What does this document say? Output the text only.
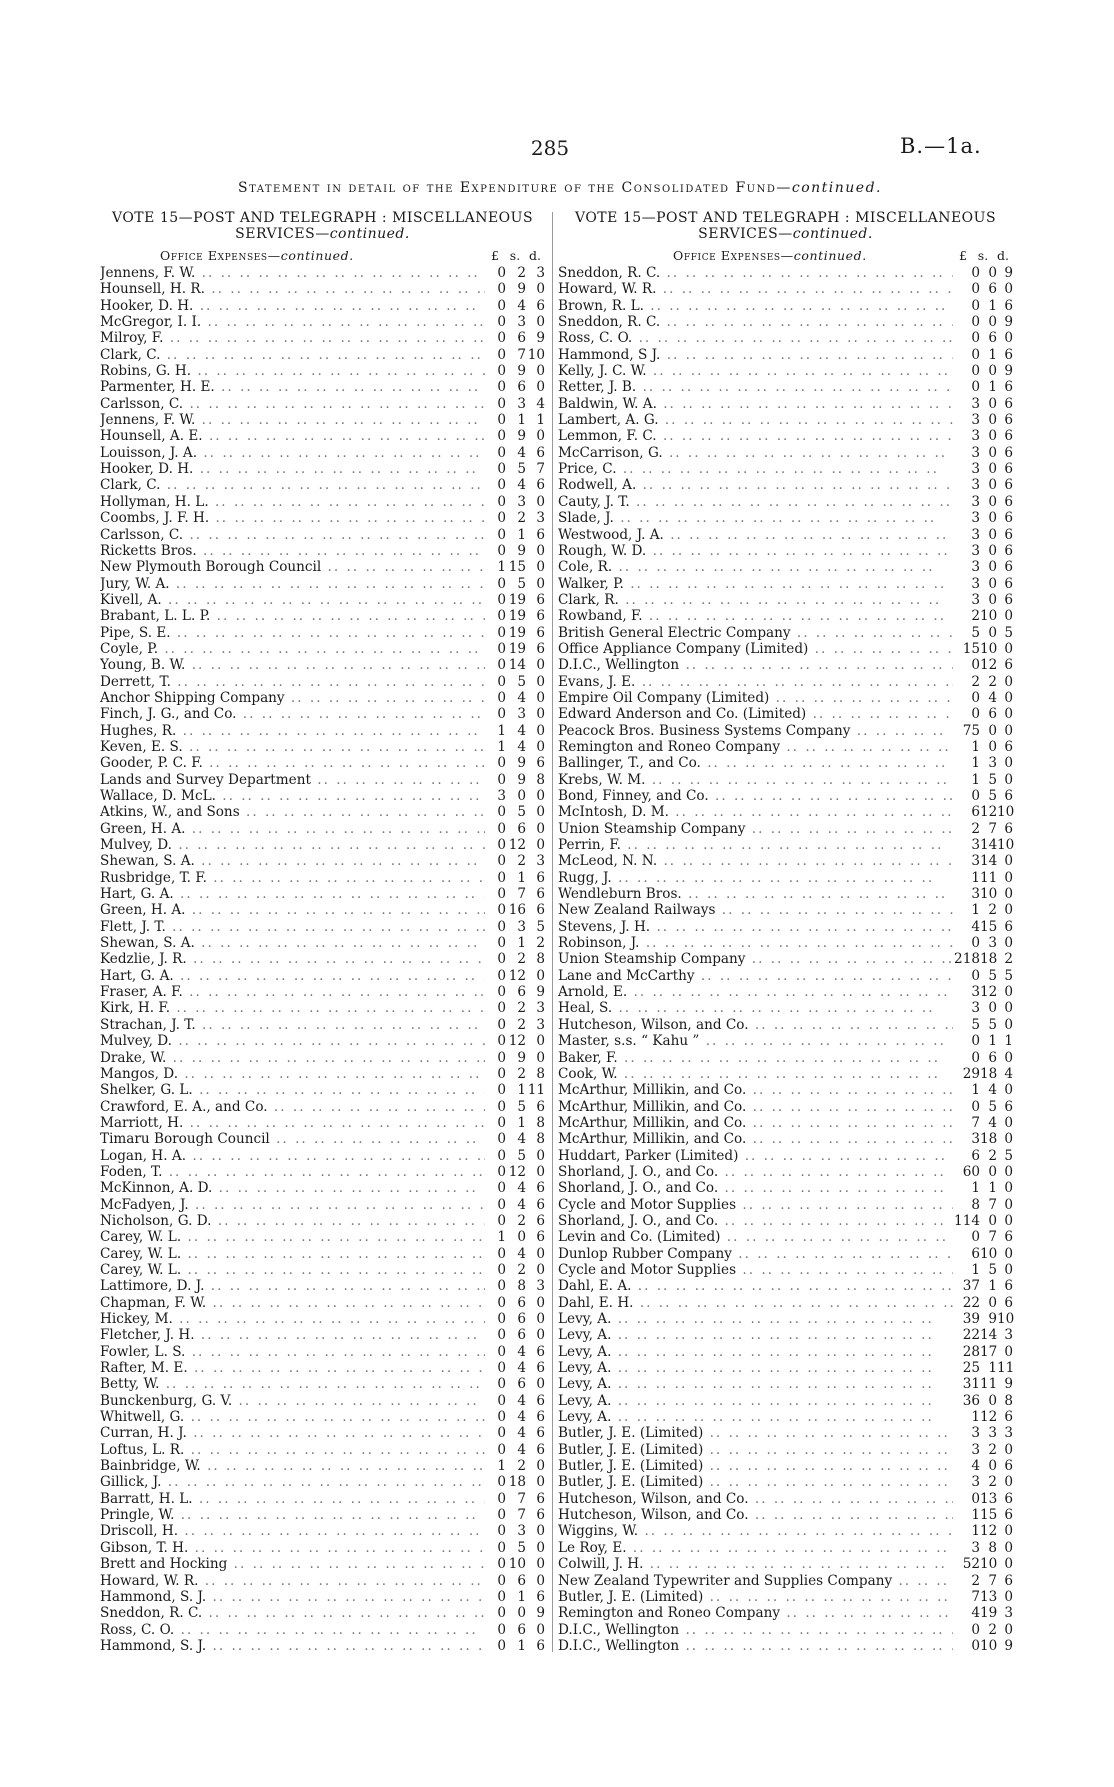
285	B.—1a.
Statement in detail of the Expenditure of the Consolidated Fund—continued.
VOTE 15—POST AND TELEGRAPH : MISCELLANEOUS
SERVICES—continued.
Office Expenses—continued.	£ s. d.
Jennens, F. W. .. .	0 2 3
Hounsell, H. R. .. .	0 9 0
Hooker, D. H. .. .	0 4 6
McGregor, I. I. .. .	0 3 0
Milroy, F. .. .	0 6 9
Clark, C. .. .	0 7 10
Robins, G. H. .. .	0 9 0
Parmenter, H. E. .. .	0 6 0
Carlsson, C. .. .	0 3 4
Jennens, F. W. .. .	0 1 1
Hounsell, A. E. .. .	0 9 0
Louisson, J. A. .. .	0 4 6
Hooker, D. H. .. .	0 5 7
Clark, C. .. .	0 4 6
Hollyman, H. L. .. .	0 3 0
Coombs, J. F. H. .. .	0 2 3
Carlsson, C. .. .	0 1 6
Ricketts Bros. .. .	0 9 0
New Plymouth Borough Council .. .	1 15 0
Jury, W. A. .. .	0 5 0
Kivell, A. .. .	0 19 6
Brabant, L. L. P. .. .	0 19 6
Pipe, S. E. .. .	0 19 6
Coyle, P. .. .	0 19 6
Young, B. W. .. .	0 14 0
Derrett, T. .. .	0 5 0
Anchor Shipping Company .. .	0 4 0
Finch, J. G., and Co. .. .	0 3 0
Hughes, R. .. .	1 4 0
Keven, E. S. .. .	1 4 0
Gooder, P. C. F. .. .	0 9 6
Lands and Survey Department .. .	0 9 8
Wallace, D. McL. .. .	3 0 0
Atkins, W., and Sons .. .	0 5 0
Green, H. A. .. .	0 6 0
Mulvey, D. .. .	0 12 0
Shewan, S. A. .. .	0 2 3
Rusbridge, T. F. .. .	0 1 6
Hart, G. A. .. .	0 7 6
Green, H. A. .. .	0 16 6
Flett, J. T. .. .	0 3 5
Shewan, S. A. .. .	0 1 2
Kedzlie, J. R. .. .	0 2 8
Hart, G. A. .. .	0 12 0
Fraser, A. F. .. .	0 6 9
Kirk, H. F. .. .	0 2 3
Strachan, J. T. .. .	0 2 3
Mulvey, D. .. .	0 12 0
Drake, W. .. .	0 9 0
Mangos, D. .. .	0 2 8
Shelker, G. L. .. .	0 1 11
Crawford, E. A., and Co. .. .	0 5 6
Marriott, H. .. .	0 1 8
Timaru Borough Council .. .	0 4 8
Logan, H. A. .. .	0 5 0
Foden, T. .. .	0 12 0
McKinnon, A. D. .. .	0 4 6
McFadyen, J. .. .	0 4 6
Nicholson, G. D. .. .	0 2 6
Carey, W. L. .. .	1 0 6
Carey, W. L. .. .	0 4 0
Carey, W. L. .. .	0 2 0
Lattimore, D. J. .. .	0 8 3
Chapman, F. W. .. .	0 6 0
Hickey, M. .. .	0 6 0
Fletcher, J. H. .. .	0 6 0
Fowler, L. S. .. .	0 4 6
Rafter, M. E. .. .	0 4 6
Betty, W. .. .	0 6 0
Bunckenburg, G. V. .. .	0 4 6
Whitwell, G. .. .	0 4 6
Curran, H. J. .. .	0 4 6
Loftus, L. R. .. .	0 4 6
Bainbridge, W. .. .	1 2 0
Gillick, J. .. .	0 18 0
Barratt, H. L. .. .	0 7 6
Pringle, W. .. .	0 7 6
Driscoll, H. .. .	0 3 0
Gibson, T. H. .. .	0 5 0
Brett and Hocking .. .	0 10 0
Howard, W. R. .. .	0 6 0
Hammond, S. J. .. .	0 1 6
Sneddon, R. C. .. .	0 0 9
Ross, C. O. .. .	0 6 0
Hammond, S. J. .. .	0 1 6
VOTE 15—POST AND TELEGRAPH : MISCELLANEOUS
SERVICES—continued.
Office Expenses—continued.	£ s. d.
Sneddon, R. C. .. .	0 0 9
Howard, W. R. .. .	0 6 0
Brown, R. L. .. .	0 1 6
Sneddon, R. C. .. .	0 0 9
Ross, C. O. .. .	0 6 0
Hammond, S J. .. .	0 1 6
Kelly, J. C. W. .. .	0 0 9
Retter, J. B. .. .	0 1 6
Baldwin, W. A. .. .	3 0 6
Lambert, A. G. .. .	3 0 6
Lemmon, F. C. .. .	3 0 6
McCarrison, G. .. .	3 0 6
Price, C. .. .	3 0 6
Rodwell, A. .. .	3 0 6
Cauty, J. T. .. .	3 0 6
Slade, J. .. .	3 0 6
Westwood, J. A. .. .	3 0 6
Rough, W. D. .. .	3 0 6
Cole, R. .. .	3 0 6
Walker, P. .. .	3 0 6
Clark, R. .. .	3 0 6
Rowband, F. .. .	2 10 0
British General Electric Company .. .	5 0 5
Office Appliance Company (Limited) .. .	15 10 0
D.I.C., Wellington .. .	0 12 6
Evans, J. E. .. .	2 2 0
Empire Oil Company (Limited) .. .	0 4 0
Edward Anderson and Co. (Limited) .. .	0 6 0
Peacock Bros. Business Systems Company .. .	75 0 0
Remington and Roneo Company .. .	1 0 6
Ballinger, T., and Co. .. .	1 3 0
Krebs, W. M. .. .	1 5 0
Bond, Finney, and Co. .. .	0 5 6
McIntosh, D. M. .. .	6 12 10
Union Steamship Company .. .	2 7 6
Perrin, F. .. .	3 14 10
McLeod, N. N. .. .	3 14 0
Rugg, J. .. .	1 11 0
Wendleburn Bros. .. .	3 10 0
New Zealand Railways .. .	1 2 0
Stevens, J. H. .. .	4 15 6
Robinson, J. .. .	0 3 0
Union Steamship Company .. .	218 18 2
Lane and McCarthy .. .	0 5 5
Arnold, E. .. .	3 12 0
Heal, S. .. .	3 0 0
Hutcheson, Wilson, and Co. .. .	5 5 0
Master, s.s. “ Kahu ” .. .	0 1 1
Baker, F. .. .	0 6 0
Cook, W. .. .	29 18 4
McArthur, Millikin, and Co. .. .	1 4 0
McArthur, Millikin, and Co. .. .	0 5 6
McArthur, Millikin, and Co. .. .	7 4 0
McArthur, Millikin, and Co. .. .	3 18 0
Huddart, Parker (Limited) .. .	6 2 5
Shorland, J. O., and Co. .. .	60 0 0
Shorland, J. O., and Co. .. .	1 1 0
Cycle and Motor Supplies .. .	8 7 0
Shorland, J. O., and Co. .. .	114 0 0
Levin and Co. (Limited) .. .	0 7 6
Dunlop Rubber Company .. .	6 10 0
Cycle and Motor Supplies .. .	1 5 0
Dahl, E. A. .. .	37 1 6
Dahl, E. H. .. .	22 0 6
Levy, A. .. .	39 9 10
Levy, A. .. .	22 14 3
Levy, A. .. .	28 17 0
Levy, A. .. .	25 1 11
Levy, A. .. .	31 11 9
Levy, A. .. .	36 0 8
Levy, A. .. .	1 12 6
Butler, J. E. (Limited) .. .	3 3 3
Butler, J. E. (Limited) .. .	3 2 0
Butler, J. E. (Limited) .. .	4 0 6
Butler, J. E. (Limited) .. .	3 2 0
Hutcheson, Wilson, and Co. .. .	0 13 6
Hutcheson, Wilson, and Co. .. .	1 15 6
Wiggins, W. .. .	1 12 0
Le Roy, E. .. .	3 8 0
Colwill, J. H. .. .	52 10 0
New Zealand Typewriter and Supplies Company .. .	2 7 6
Butler, J. E. (Limited) .. .	7 13 0
Remington and Roneo Company .. .	4 19 3
D.I.C., Wellington .. .	0 2 0
D.I.C., Wellington .. .	0 10 9
